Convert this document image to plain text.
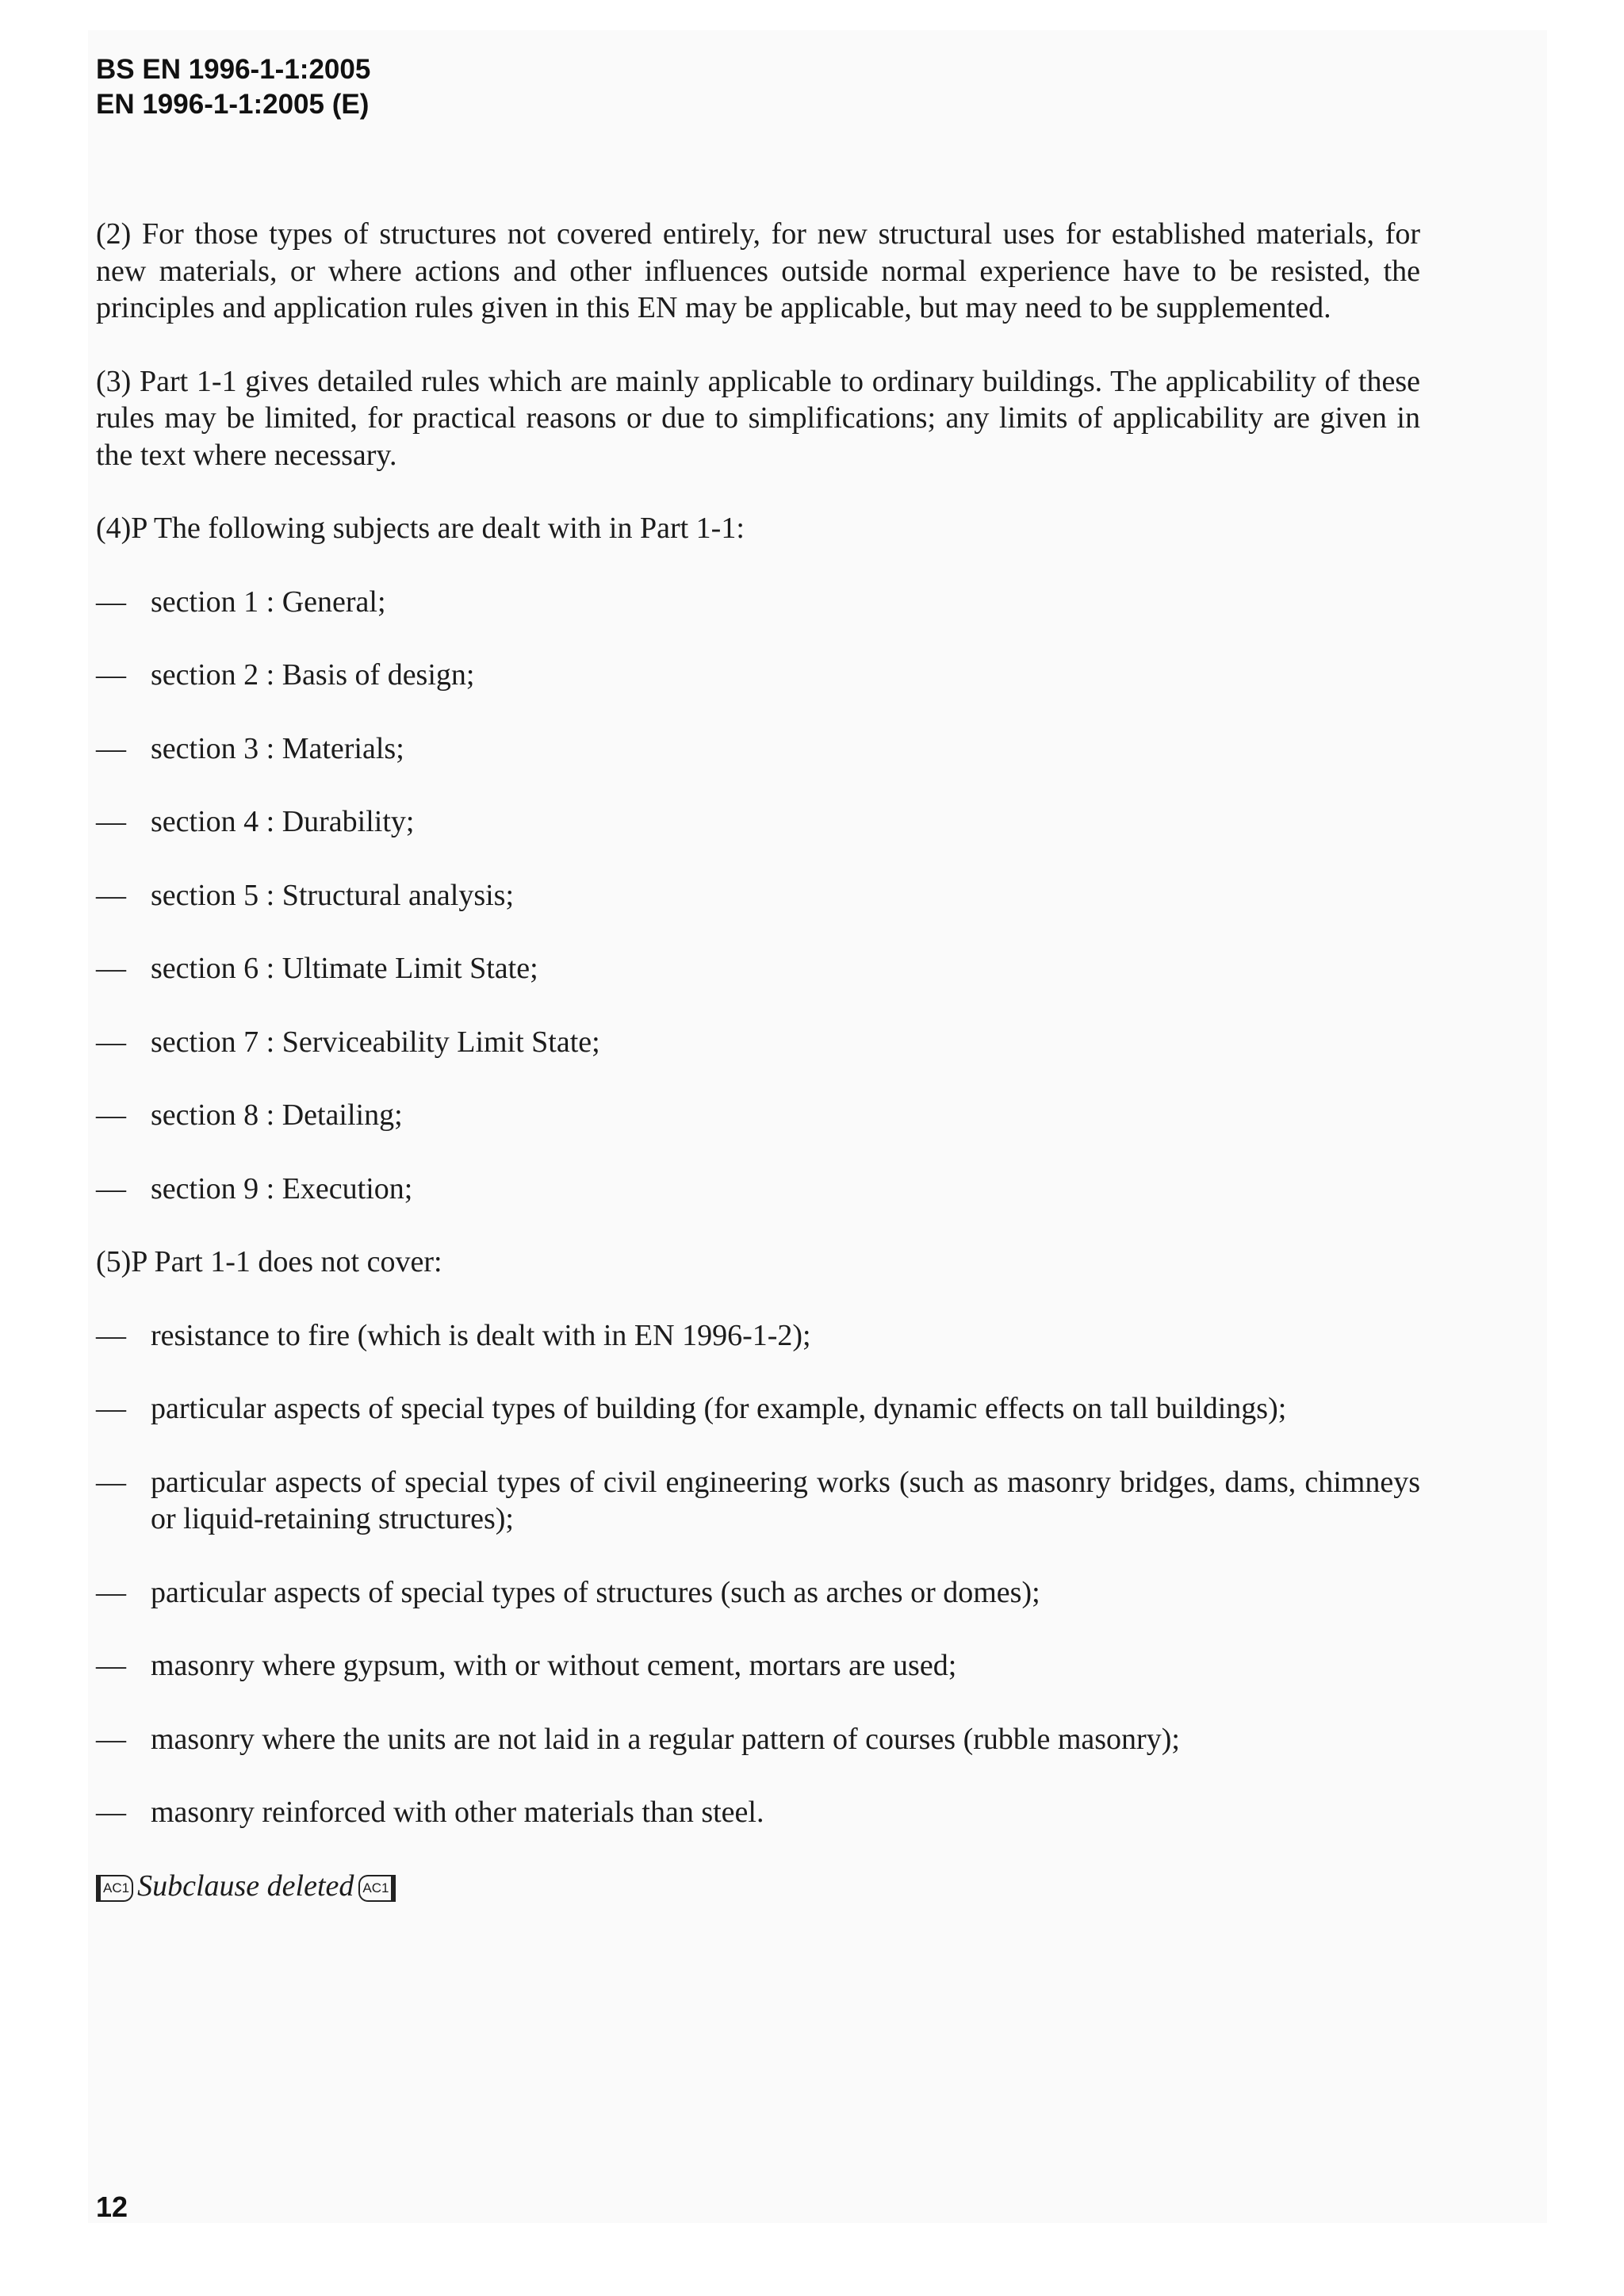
BS EN 1996-1-1:2005
EN 1996-1-1:2005 (E)

(2) For those types of structures not covered entirely, for new structural uses for established materials, for new materials, or where actions and other influences outside normal experience have to be resisted, the principles and application rules given in this EN may be applicable, but may need to be supplemented.

(3) Part 1-1 gives detailed rules which are mainly applicable to ordinary buildings. The applicability of these rules may be limited, for practical reasons or due to simplifications; any limits of applicability are given in the text where necessary.

(4)P The following subjects are dealt with in Part 1-1:
— section 1 : General;
— section 2 : Basis of design;
— section 3 : Materials;
— section 4 : Durability;
— section 5 : Structural analysis;
— section 6 : Ultimate Limit State;
— section 7 : Serviceability Limit State;
— section 8 : Detailing;
— section 9 : Execution;
(5)P Part 1-1 does not cover:
— resistance to fire (which is dealt with in EN 1996-1-2);
— particular aspects of special types of building (for example, dynamic effects on tall buildings);
— particular aspects of special types of civil engineering works (such as masonry bridges, dams, chimneys or liquid-retaining structures);
— particular aspects of special types of structures (such as arches or domes);
— masonry where gypsum, with or without cement, mortars are used;
— masonry where the units are not laid in a regular pattern of courses (rubble masonry);
— masonry reinforced with other materials than steel.
AC1 Subclause deleted AC1
12
